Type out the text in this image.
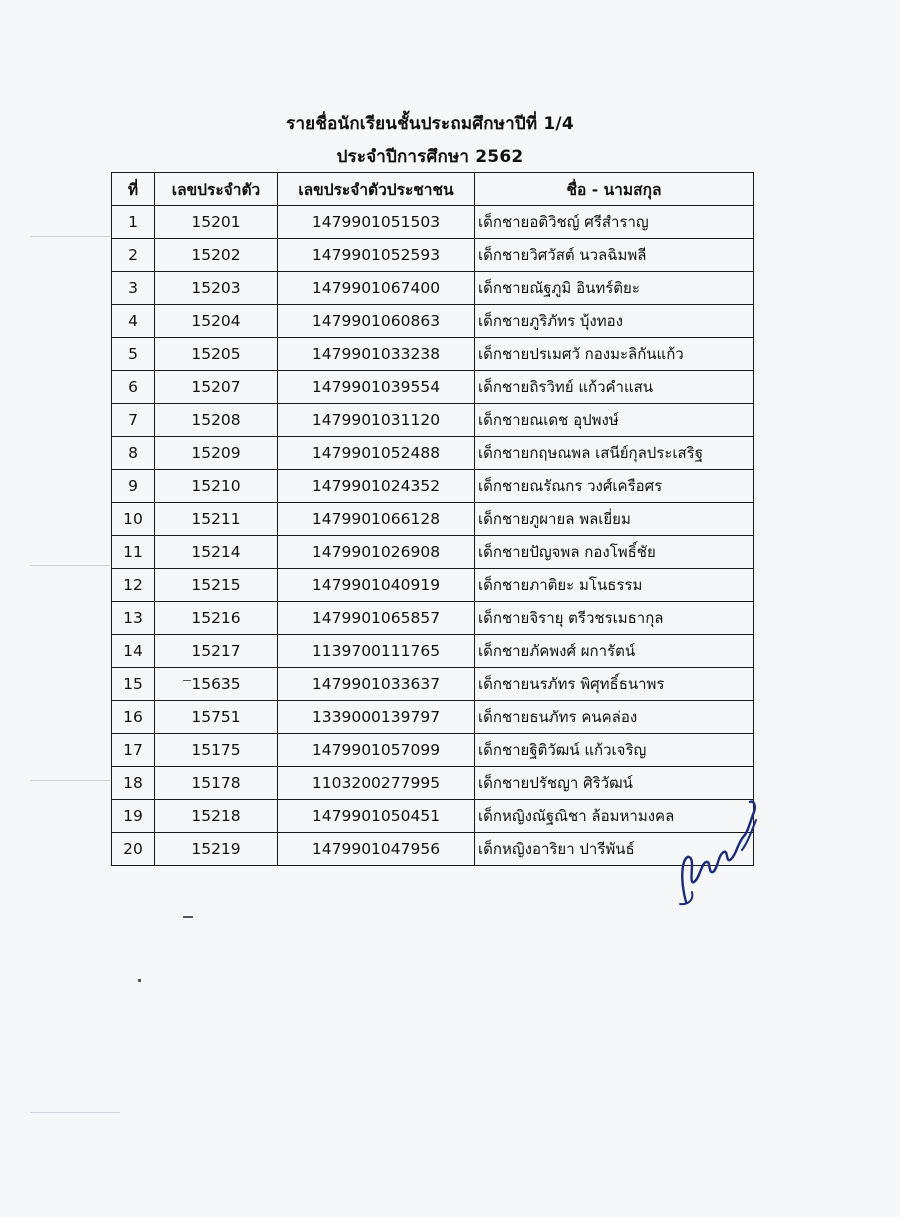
รายชื่อนักเรียนชั้นประถมศึกษาปีที่ 1/4
ประจำปีการศึกษา 2562
ที่	เลขประจำตัว	เลขประจำตัวประชาชน	ชื่อ - นามสกุล
1	15201	1479901051503	เด็กชายอติวิชญ์ ศรีสำราญ
2	15202	1479901052593	เด็กชายวิศวัสต์ นวลฉิมพลี
3	15203	1479901067400	เด็กชายณัฐภูมิ อินทร์ติยะ
4	15204	1479901060863	เด็กชายภูริภัทร บุ้งทอง
5	15205	1479901033238	เด็กชายปรเมศวั กองมะลิกันแก้ว
6	15207	1479901039554	เด็กชายถิรวิทย์ แก้วคำแสน
7	15208	1479901031120	เด็กชายณเดช อุปพงษ์
8	15209	1479901052488	เด็กชายกฤษณพล เสนีย์กุลประเสริฐ
9	15210	1479901024352	เด็กชายณรัณกร วงศ์เครือศร
10	15211	1479901066128	เด็กชายภูผายล พลเยี่ยม
11	15214	1479901026908	เด็กชายปัญจพล กองโพธิ์ชัย
12	15215	1479901040919	เด็กชายภาติยะ มโนธรรม
13	15216	1479901065857	เด็กชายจิรายุ ตรีวชรเมธากุล
14	15217	1139700111765	เด็กชายภัคพงศ์ ผการัตน์
15	15635	1479901033637	เด็กชายนรภัทร พิศุทธิ์ธนาพร
16	15751	1339000139797	เด็กชายธนภัทร คนคล่อง
17	15175	1479901057099	เด็กชายฐิติวัฒน์ แก้วเจริญ
18	15178	1103200277995	เด็กชายปรัชญา ศิริวัฒน์
19	15218	1479901050451	เด็กหญิงณัฐณิชา ล้อมหามงคล
20	15219	1479901047956	เด็กหญิงอาริยา ปารีพันธ์
